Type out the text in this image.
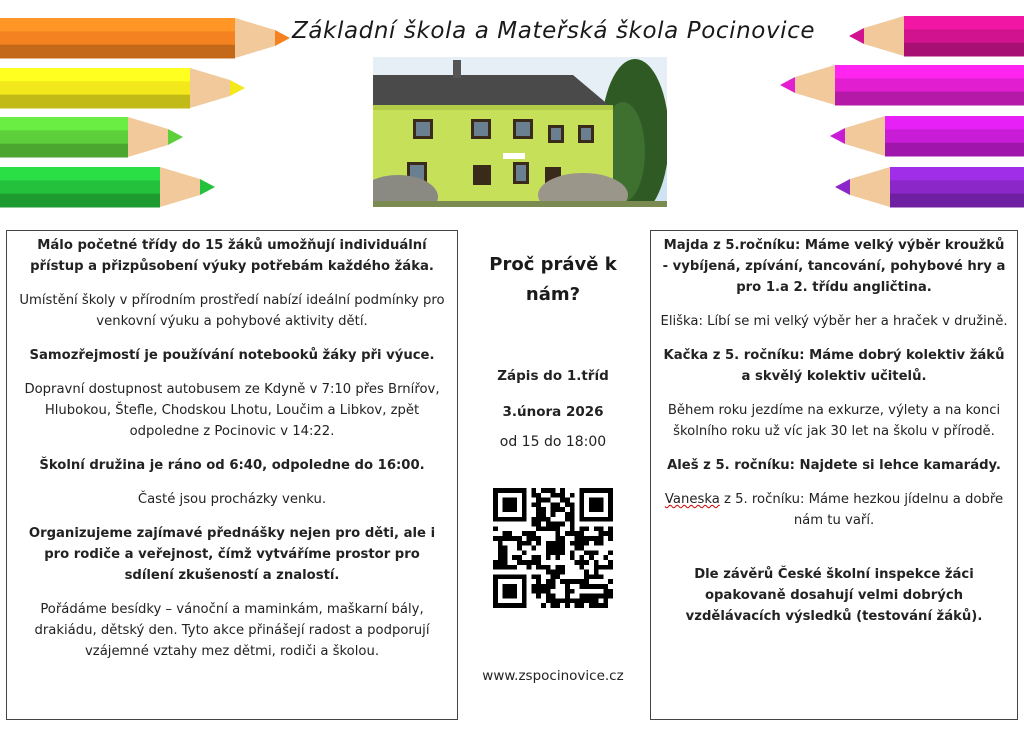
Základní škola a Mateřská škola Pocinovice
Málo početné třídy do 15 žáků umožňují individuální přístup a přizpůsobení výuky potřebám každého žáka.
Umístění školy v přírodním prostředí nabízí ideální podmínky pro venkovní výuku a pohybové aktivity dětí.
Samozřejmostí je používání notebooků žáky při výuce.
Dopravní dostupnost autobusem ze Kdyně v 7:10 přes Brnířov, Hlubokou, Štefle, Chodskou Lhotu, Loučim a Libkov, zpět odpoledne z Pocinovic v 14:22.
Školní družina je ráno od 6:40, odpoledne do 16:00.
Časté jsou procházky venku.
Organizujeme zajímavé přednášky nejen pro děti, ale i pro rodiče a veřejnost, čímž vytváříme prostor pro sdílení zkušeností a znalostí.
Pořádáme besídky – vánoční a maminkám, maškarní bály, drakiádu, dětský den. Tyto akce přinášejí radost a podporují vzájemné vztahy mez dětmi, rodiči a školou.
Proč právě k nám?
Zápis do 1.tříd
3.února 2026
od 15 do 18:00
www.zspocinovice.cz
Majda z 5.ročníku: Máme velký výběr kroužků
- vybíjená, zpívání, tancování, pohybové hry a pro 1.a 2. třídu angličtina.
Eliška: Líbí se mi velký výběr her a hraček v družině.
Kačka z 5. ročníku: Máme dobrý kolektiv žáků a skvělý kolektiv učitelů.
Během roku jezdíme na exkurze, výlety a na konci školního roku už víc jak 30 let na školu v přírodě.
Aleš z 5. ročníku: Najdete si lehce kamarády.
Vaneska z 5. ročníku: Máme hezkou jídelnu a dobře nám tu vaří.
Dle závěrů České školní inspekce žáci opakovaně dosahují velmi dobrých vzdělávacích výsledků (testování žáků).
